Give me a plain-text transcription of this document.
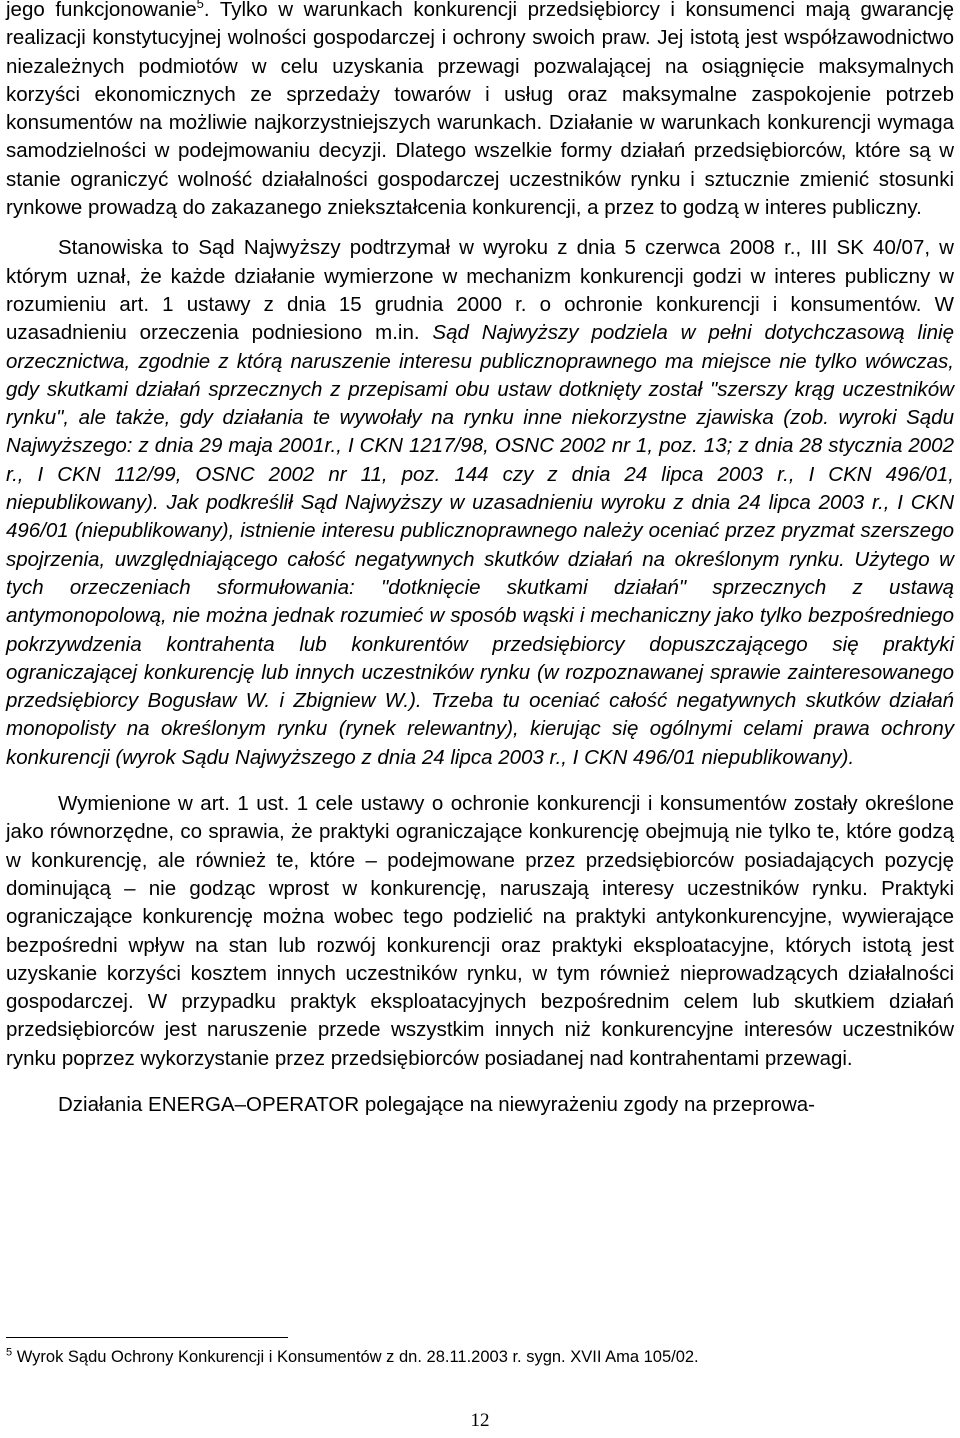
jego funkcjonowanie$^5$. Tylko w warunkach konkurencji przedsiębiorcy i konsumenci mają gwarancję realizacji konstytucyjnej wolności gospodarczej i ochrony swoich praw. Jej istotą jest współzawodnictwo niezależnych podmiotów w celu uzyskania przewagi pozwalającej na osiągnięcie maksymalnych korzyści ekonomicznych ze sprzedaży towarów i usług oraz maksymalne zaspokojenie potrzeb konsumentów na możliwie najkorzystniejszych warunkach. Działanie w warunkach konkurencji wymaga samodzielności w podejmowaniu decyzji. Dlatego wszelkie formy działań przedsiębiorców, które są w stanie ograniczyć wolność działalności gospodarczej uczestników rynku i sztucznie zmienić stosunki rynkowe prowadzą do zakazanego zniekształcenia konkurencji, a przez to godzą w interes publiczny.

Stanowiska to Sąd Najwyższy podtrzymał w wyroku z dnia 5 czerwca 2008 r., III SK 40/07, w którym uznał, że każde działanie wymierzone w mechanizm konkurencji godzi w interes publiczny w rozumieniu art. 1 ustawy z dnia 15 grudnia 2000 r. o ochronie konkurencji i konsumentów. W uzasadnieniu orzeczenia podniesiono m.in. Sąd Najwyższy podziela w pełni dotychczasową linię orzecznictwa, zgodnie z którą naruszenie interesu publicznoprawnego ma miejsce nie tylko wówczas, gdy skutkami działań sprzecznych z przepisami obu ustaw dotknięty został "szerszy krąg uczestników rynku", ale także, gdy działania te wywołały na rynku inne niekorzystne zjawiska (zob. wyroki Sądu Najwyższego: z dnia 29 maja 2001r., I CKN 1217/98, OSNC 2002 nr 1, poz. 13; z dnia 28 stycznia 2002 r., I CKN 112/99, OSNC 2002 nr 11, poz. 144 czy z dnia 24 lipca 2003 r., I CKN 496/01, niepublikowany). Jak podkreślił Sąd Najwyższy w uzasadnieniu wyroku z dnia 24 lipca 2003 r., I CKN 496/01 (niepublikowany), istnienie interesu publicznoprawnego należy oceniać przez pryzmat szerszego spojrzenia, uwzględniającego całość negatywnych skutków działań na określonym rynku. Użytego w tych orzeczeniach sformułowania: "dotknięcie skutkami działań" sprzecznych z ustawą antymonopolową, nie można jednak rozumieć w sposób wąski i mechaniczny jako tylko bezpośredniego pokrzywdzenia kontrahenta lub konkurentów przedsiębiorcy dopuszczającego się praktyki ograniczającej konkurencję lub innych uczestników rynku (w rozpoznawanej sprawie zainteresowanego przedsiębiorcy Bogusław W. i Zbigniew W.). Trzeba tu oceniać całość negatywnych skutków działań monopolisty na określonym rynku (rynek relewantny), kierując się ogólnymi celami prawa ochrony konkurencji (wyrok Sądu Najwyższego z dnia 24 lipca 2003 r., I CKN 496/01 niepublikowany).

Wymienione w art. 1 ust. 1 cele ustawy o ochronie konkurencji i konsumentów zostały określone jako równorzędne, co sprawia, że praktyki ograniczające konkurencję obejmują nie tylko te, które godzą w konkurencję, ale również te, które – podejmowane przez przedsiębiorców posiadających pozycję dominującą – nie godząc wprost w konkurencję, naruszają interesy uczestników rynku. Praktyki ograniczające konkurencję można wobec tego podzielić na praktyki antykonkurencyjne, wywierające bezpośredni wpływ na stan lub rozwój konkurencji oraz praktyki eksploatacyjne, których istotą jest uzyskanie korzyści kosztem innych uczestników rynku, w tym również nieprowadzących działalności gospodarczej. W przypadku praktyk eksploatacyjnych bezpośrednim celem lub skutkiem działań przedsiębiorców jest naruszenie przede wszystkim innych niż konkurencyjne interesów uczestników rynku poprzez wykorzystanie przez przedsiębiorców posiadanej nad kontrahentami przewagi.

Działania ENERGA–OPERATOR polegające na niewyrażeniu zgody na przeprowa-

$^5$ Wyrok Sądu Ochrony Konkurencji i Konsumentów z dn. 28.11.2003 r. sygn. XVII Ama 105/02.
12
